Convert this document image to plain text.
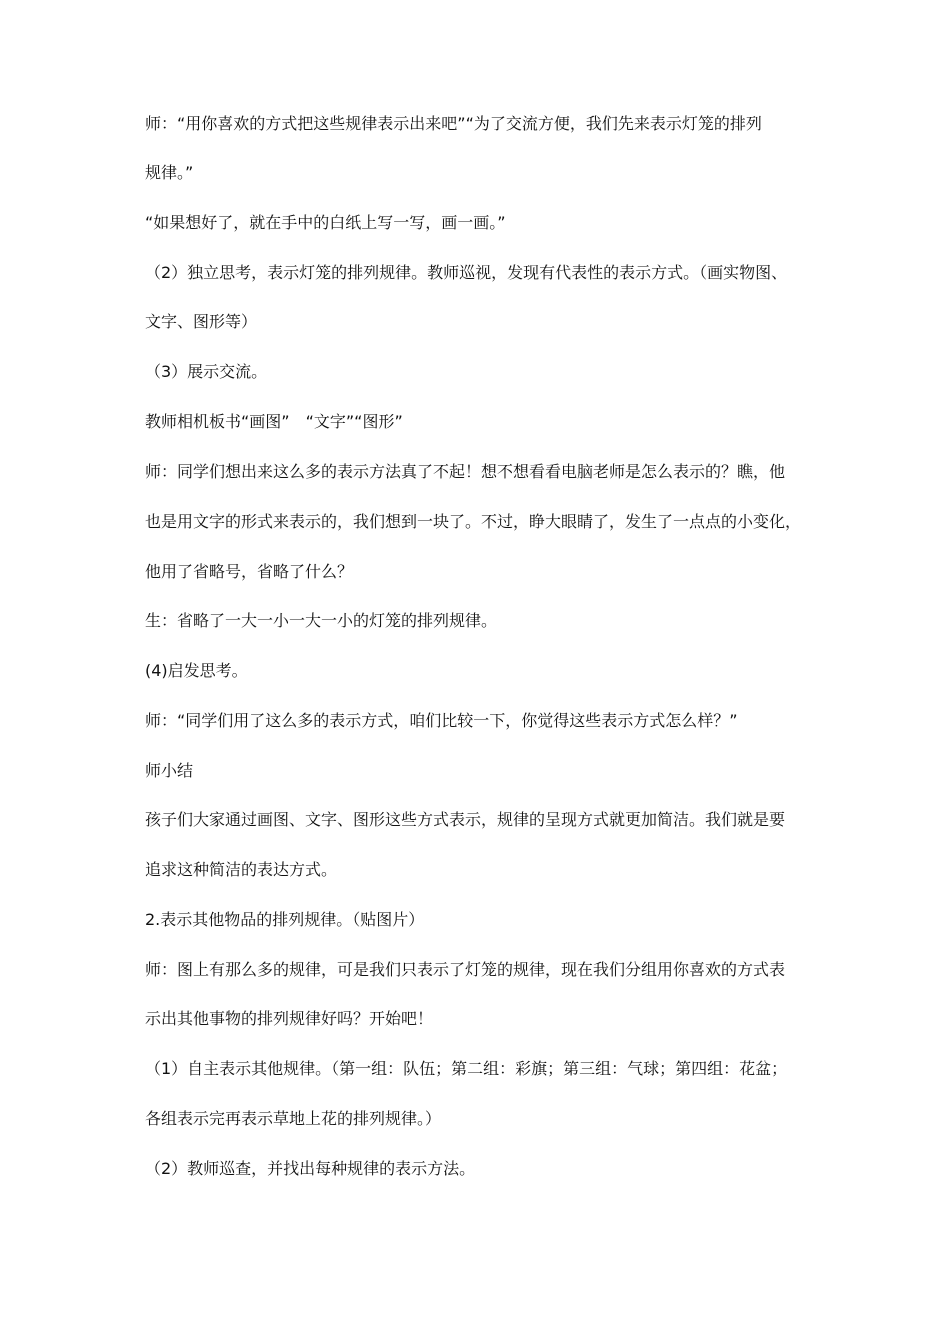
师：“用你喜欢的方式把这些规律表示出来吧”“为了交流方便，我们先来表示灯笼的排列
规律。”
“如果想好了，就在手中的白纸上写一写，画一画。”
（2）独立思考，表示灯笼的排列规律。教师巡视，发现有代表性的表示方式。（画实物图、
文字、图形等）
（3）展示交流。
教师相机板书“画图”　“文字”“图形”
师：同学们想出来这么多的表示方法真了不起！想不想看看电脑老师是怎么表示的？瞧，他
也是用文字的形式来表示的，我们想到一块了。不过，睁大眼睛了，发生了一点点的小变化，
他用了省略号，省略了什么？
生：省略了一大一小一大一小的灯笼的排列规律。
(4)启发思考。
师：“同学们用了这么多的表示方式，咱们比较一下，你觉得这些表示方式怎么样？”
师小结
孩子们大家通过画图、文字、图形这些方式表示，规律的呈现方式就更加简洁。我们就是要
追求这种简洁的表达方式。
2.表示其他物品的排列规律。（贴图片）
师：图上有那么多的规律，可是我们只表示了灯笼的规律，现在我们分组用你喜欢的方式表
示出其他事物的排列规律好吗？开始吧！
（1）自主表示其他规律。（第一组：队伍；第二组：彩旗；第三组：气球；第四组：花盆；
各组表示完再表示草地上花的排列规律。）
（2）教师巡查，并找出每种规律的表示方法。
